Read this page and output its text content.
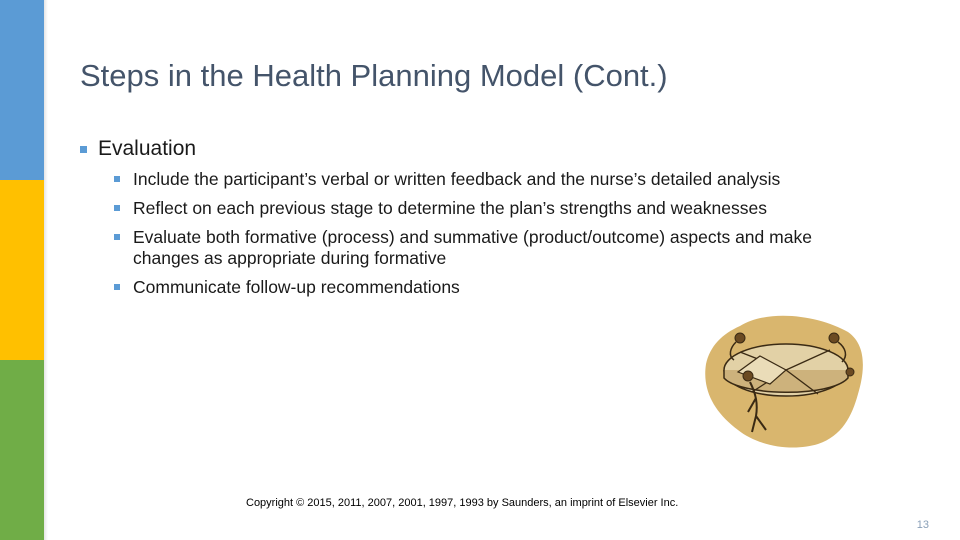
Steps in the Health Planning Model (Cont.)
Evaluation
Include the participant’s verbal or written feedback and the nurse’s detailed analysis
Reflect on each previous stage to determine the plan’s strengths and weaknesses
Evaluate both formative (process) and summative (product/outcome) aspects and make changes as appropriate during formative
Communicate follow-up recommendations
Copyright © 2015, 2011, 2007, 2001, 1997, 1993 by Saunders, an imprint of Elsevier Inc.
13
